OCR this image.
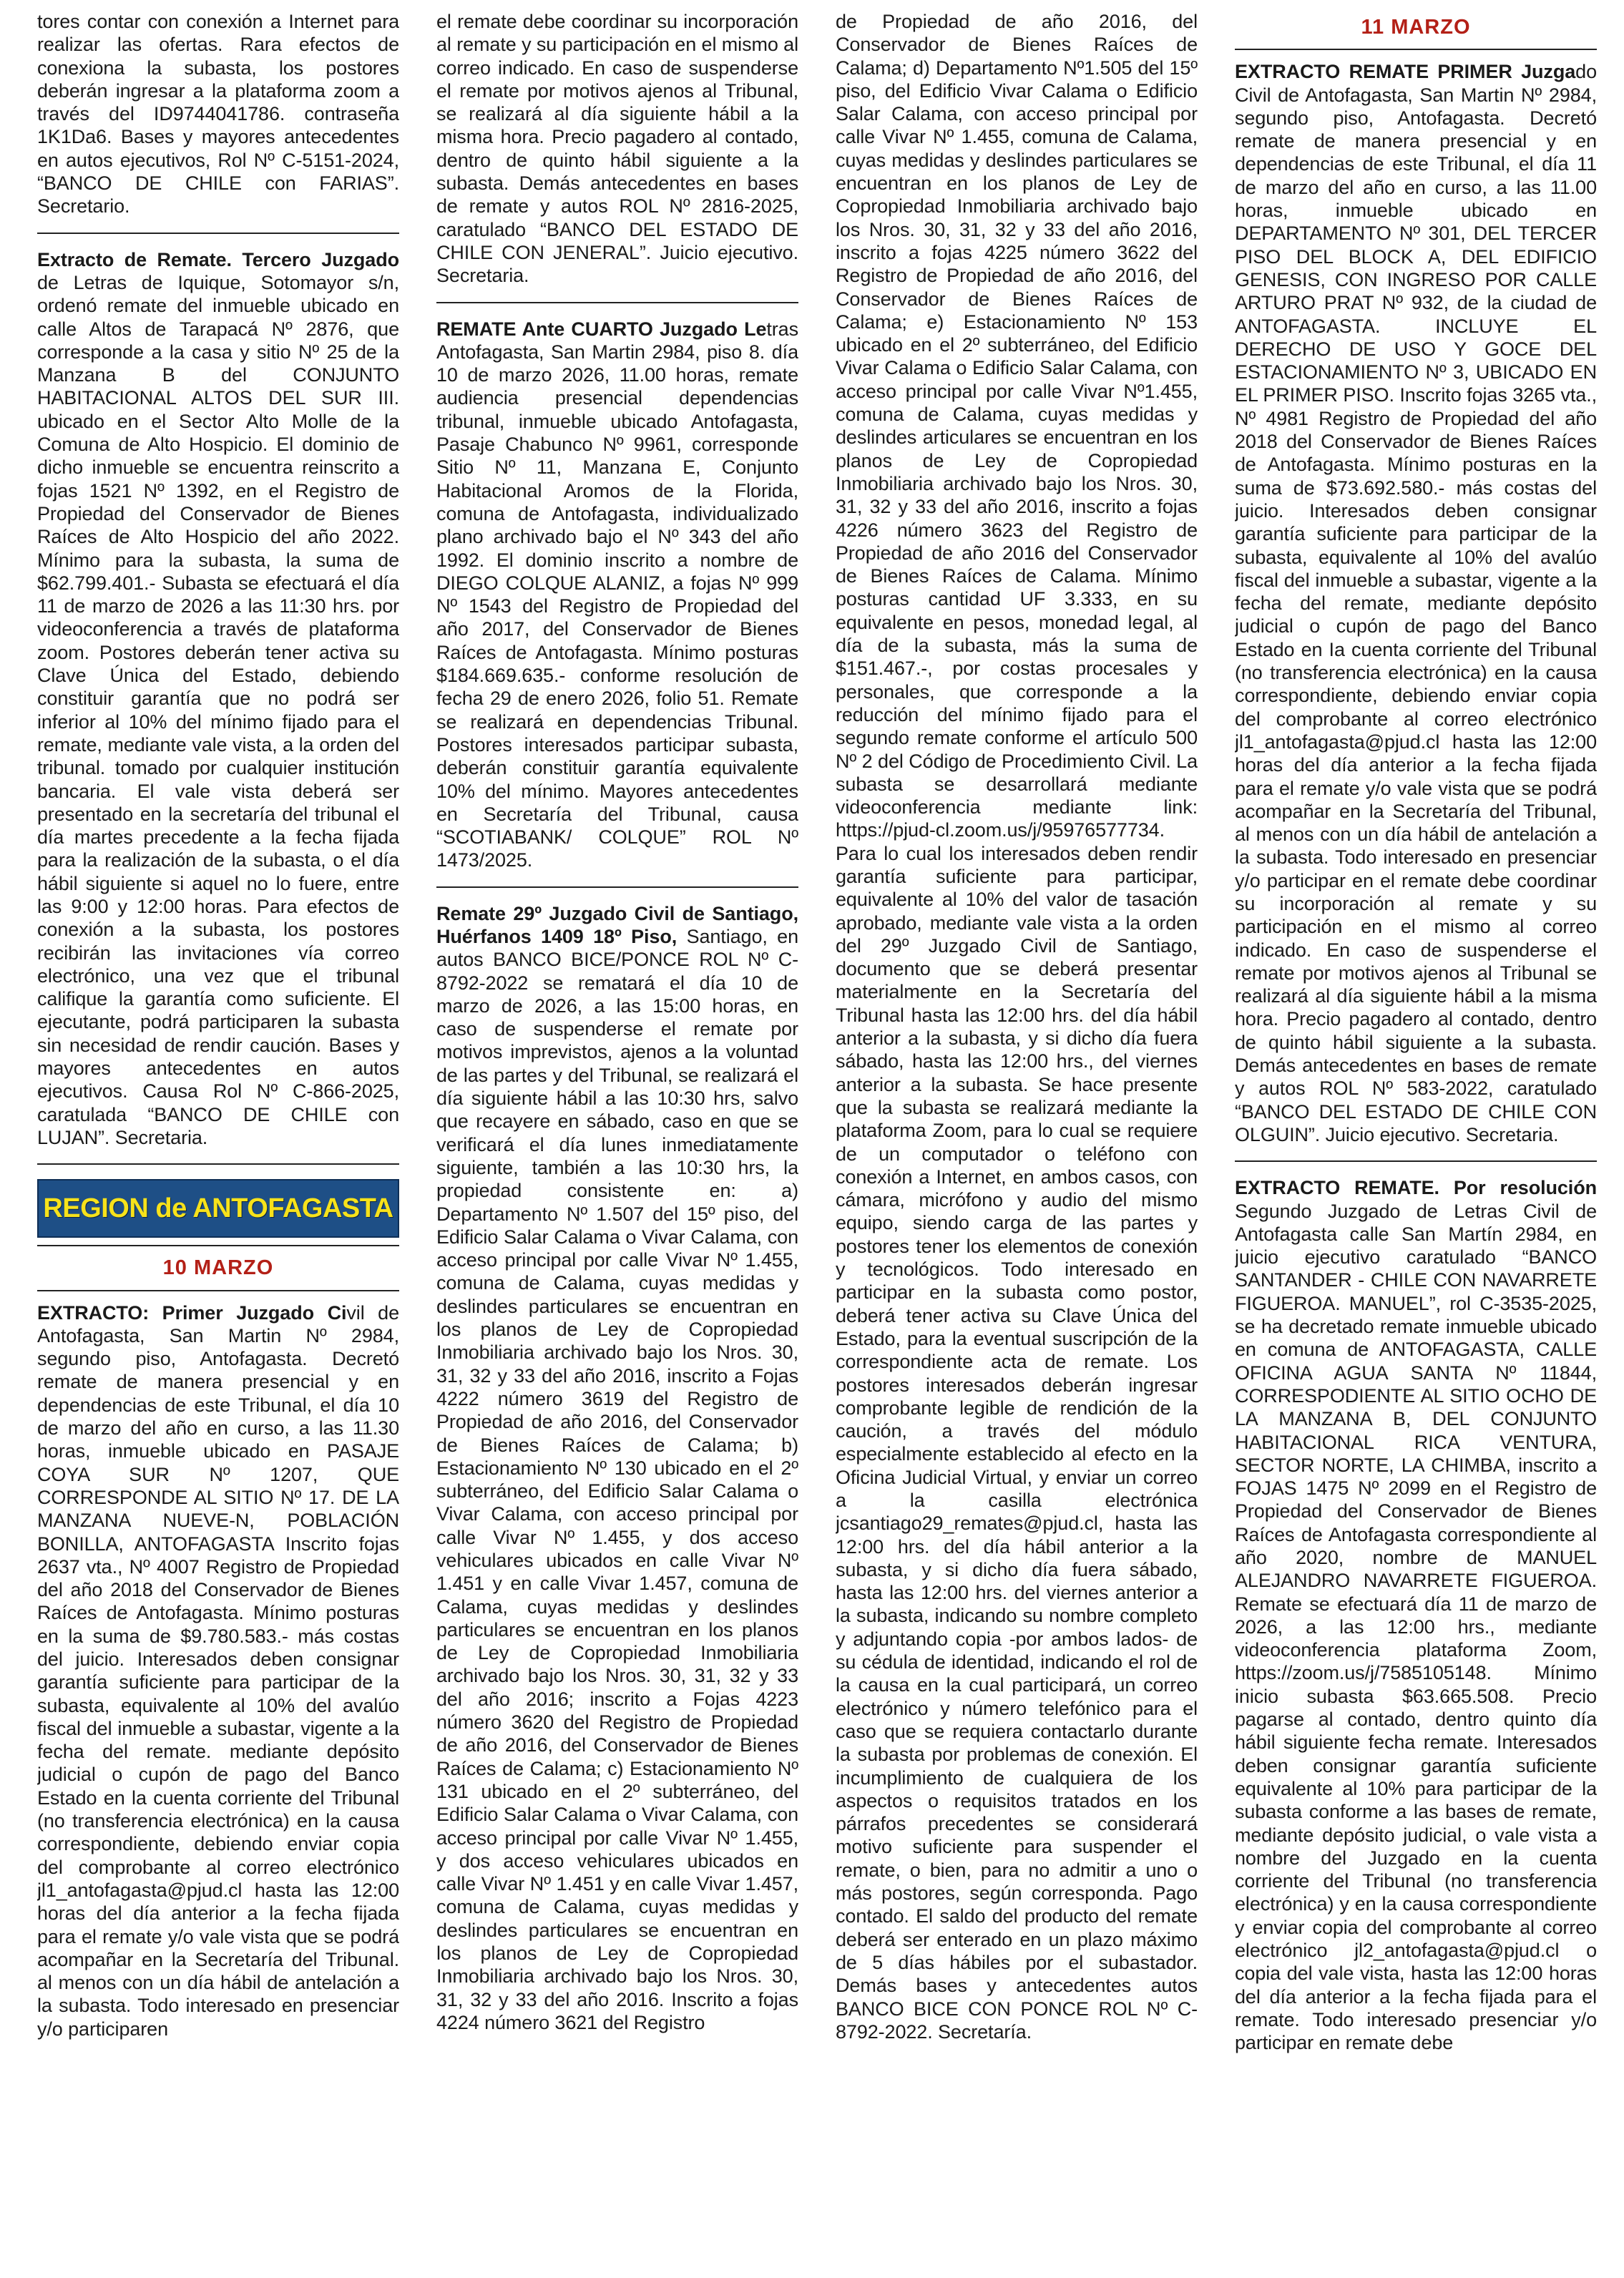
tores contar con conexión a Internet para realizar las ofertas. Rara efectos de conexiona la subasta, los postores deberán ingresar a la plataforma zoom a través del ID9744041786. contraseña 1K1Da6. Bases y mayores antecedentes en autos ejecutivos, Rol Nº C-5151-2024, “BANCO DE CHILE con FARIAS”. Secretario.

Extracto de Remate. Tercero Juzgado de Letras de Iquique, Sotomayor s/n, ordenó remate del inmueble ubicado en calle Altos de Tarapacá Nº 2876, que corresponde a la casa y sitio Nº 25 de la Manzana B del CONJUNTO HABITACIONAL ALTOS DEL SUR III. ubicado en el Sector Alto Molle de la Comuna de Alto Hospicio. El dominio de dicho inmueble se encuentra reinscrito a fojas 1521 Nº 1392, en el Registro de Propiedad del Conservador de Bienes Raíces de Alto Hospicio del año 2022. Mínimo para la subasta, la suma de $62.799.401.- Subasta se efectuará el día 11 de marzo de 2026 a las 11:30 hrs. por videoconferencia a través de plataforma zoom. Postores deberán tener activa su Clave Única del Estado, debiendo constituir garantía que no podrá ser inferior al 10% del mínimo fijado para el remate, mediante vale vista, a la orden del tribunal. tomado por cualquier institución bancaria. El vale vista deberá ser presentado en la secretaría del tribunal el día martes precedente a la fecha fijada para la realización de la subasta, o el día hábil siguiente si aquel no lo fuere, entre las 9:00 y 12:00 horas. Para efectos de conexión a la subasta, los postores recibirán las invitaciones vía correo electrónico, una vez que el tribunal califique la garantía como suficiente. El ejecutante, podrá participaren la subasta sin necesidad de rendir caución. Bases y mayores antecedentes en autos ejecutivos. Causa Rol Nº C-866-2025, caratulada “BANCO DE CHILE con LUJAN”. Secretaria.

REGION de ANTOFAGASTA
10 MARZO

EXTRACTO: Primer Juzgado Civil de Antofagasta, San Martin Nº 2984, segundo piso, Antofagasta. Decretó remate de manera presencial y en dependencias de este Tribunal, el día 10 de marzo del año en curso, a las 11.30 horas, inmueble ubicado en PASAJE COYA SUR Nº 1207, QUE CORRESPONDE AL SITIO Nº 17. DE LA MANZANA NUEVE-N, POBLACIÓN BONILLA, ANTOFAGASTA Inscrito fojas 2637 vta., Nº 4007 Registro de Propiedad del año 2018 del Conservador de Bienes Raíces de Antofagasta. Mínimo posturas en la suma de $9.780.583.- más costas del juicio. Interesados deben consignar garantía suficiente para participar de la subasta, equivalente al 10% del avalúo fiscal del inmueble a subastar, vigente a la fecha del remate. mediante depósito judicial o cupón de pago del Banco Estado en la cuenta corriente del Tribunal (no transferencia electrónica) en la causa correspondiente, debiendo enviar copia del comprobante al correo electrónico jl1_antofagasta@pjud.cl hasta las 12:00 horas del día anterior a la fecha fijada para el remate y/o vale vista que se podrá acompañar en la Secretaría del Tribunal. al menos con un día hábil de antelación a la subasta. Todo interesado en presenciar y/o participaren

el remate debe coordinar su incorporación al remate y su participación en el mismo al correo indicado. En caso de suspenderse el remate por motivos ajenos al Tribunal, se realizará al día siguiente hábil a la misma hora. Precio pagadero al contado, dentro de quinto hábil siguiente a la subasta. Demás antecedentes en bases de remate y autos ROL Nº 2816-2025, caratulado “BANCO DEL ESTADO DE CHILE CON JENERAL”. Juicio ejecutivo. Secretaria.

REMATE Ante CUARTO Juzgado Letras Antofagasta, San Martin 2984, piso 8. día 10 de marzo 2026, 11.00 horas, remate audiencia presencial dependencias tribunal, inmueble ubicado Antofagasta, Pasaje Chabunco Nº 9961, corresponde Sitio Nº 11, Manzana E, Conjunto Habitacional Aromos de la Florida, comuna de Antofagasta, individualizado plano archivado bajo el Nº 343 del año 1992. El dominio inscrito a nombre de DIEGO COLQUE ALANIZ, a fojas Nº 999 Nº 1543 del Registro de Propiedad del año 2017, del Conservador de Bienes Raíces de Antofagasta. Mínimo posturas $184.669.635.- conforme resolución de fecha 29 de enero 2026, folio 51. Remate se realizará en dependencias Tribunal. Postores interesados participar subasta, deberán constituir garantía equivalente 10% del mínimo. Mayores antecedentes en Secretaría del Tribunal, causa “SCOTIABANK/ COLQUE” ROL Nº 1473/2025.

Remate 29º Juzgado Civil de Santiago, Huérfanos 1409 18º Piso, Santiago, en autos BANCO BICE/PONCE ROL Nº C-8792-2022 se rematará el día 10 de marzo de 2026, a las 15:00 horas, en caso de suspenderse el remate por motivos imprevistos, ajenos a la voluntad de las partes y del Tribunal, se realizará el día siguiente hábil a las 10:30 hrs, salvo que recayere en sábado, caso en que se verificará el día lunes inmediatamente siguiente, también a las 10:30 hrs, la propiedad consistente en: a) Departamento Nº 1.507 del 15º piso, del Edificio Salar Calama o Vivar Calama, con acceso principal por calle Vivar Nº 1.455, comuna de Calama, cuyas medidas y deslindes particulares se encuentran en los planos de Ley de Copropiedad Inmobiliaria archivado bajo los Nros. 30, 31, 32 y 33 del año 2016, inscrito a Fojas 4222 número 3619 del Registro de Propiedad de año 2016, del Conservador de Bienes Raíces de Calama; b) Estacionamiento Nº 130 ubicado en el 2º subterráneo, del Edificio Salar Calama o Vivar Calama, con acceso principal por calle Vivar Nº 1.455, y dos acceso vehiculares ubicados en calle Vivar Nº 1.451 y en calle Vivar 1.457, comuna de Calama, cuyas medidas y deslindes particulares se encuentran en los planos de Ley de Copropiedad Inmobiliaria archivado bajo los Nros. 30, 31, 32 y 33 del año 2016; inscrito a Fojas 4223 número 3620 del Registro de Propiedad de año 2016, del Conservador de Bienes Raíces de Calama; c) Estacionamiento Nº 131 ubicado en el 2º subterráneo, del Edificio Salar Calama o Vivar Calama, con acceso principal por calle Vivar Nº 1.455, y dos acceso vehiculares ubicados en calle Vivar Nº 1.451 y en calle Vivar 1.457, comuna de Calama, cuyas medidas y deslindes particulares se encuentran en los planos de Ley de Copropiedad Inmobiliaria archivado bajo los Nros. 30, 31, 32 y 33 del año 2016. Inscrito a fojas 4224 número 3621 del Registro

de Propiedad de año 2016, del Conservador de Bienes Raíces de Calama; d) Departamento Nº1.505 del 15º piso, del Edificio Vivar Calama o Edificio Salar Calama, con acceso principal por calle Vivar Nº 1.455, comuna de Calama, cuyas medidas y deslindes particulares se encuentran en los planos de Ley de Copropiedad Inmobiliaria archivado bajo los Nros. 30, 31, 32 y 33 del año 2016, inscrito a fojas 4225 número 3622 del Registro de Propiedad de año 2016, del Conservador de Bienes Raíces de Calama; e) Estacionamiento Nº 153 ubicado en el 2º subterráneo, del Edificio Vivar Calama o Edificio Salar Calama, con acceso principal por calle Vivar Nº1.455, comuna de Calama, cuyas medidas y deslindes articulares se encuentran en los planos de Ley de Copropiedad Inmobiliaria archivado bajo los Nros. 30, 31, 32 y 33 del año 2016, inscrito a fojas 4226 número 3623 del Registro de Propiedad de año 2016 del Conservador de Bienes Raíces de Calama. Mínimo posturas cantidad UF 3.333, en su equivalente en pesos, monedad legal, al día de la subasta, más la suma de $151.467.-, por costas procesales y personales, que corresponde a la reducción del mínimo fijado para el segundo remate conforme el artículo 500 Nº 2 del Código de Procedimiento Civil. La subasta se desarrollará mediante videoconferencia mediante link: https://pjud-cl.zoom.us/j/95976577734. Para lo cual los interesados deben rendir garantía suficiente para participar, equivalente al 10% del valor de tasación aprobado, mediante vale vista a la orden del 29º Juzgado Civil de Santiago, documento que se deberá presentar materialmente en la Secretaría del Tribunal hasta las 12:00 hrs. del día hábil anterior a la subasta, y si dicho día fuera sábado, hasta las 12:00 hrs., del viernes anterior a la subasta. Se hace presente que la subasta se realizará mediante la plataforma Zoom, para lo cual se requiere de un computador o teléfono con conexión a Internet, en ambos casos, con cámara, micrófono y audio del mismo equipo, siendo carga de las partes y postores tener los elementos de conexión y tecnológicos. Todo interesado en participar en la subasta como postor, deberá tener activa su Clave Única del Estado, para la eventual suscripción de la correspondiente acta de remate. Los postores interesados deberán ingresar comprobante legible de rendición de la caución, a través del módulo especialmente establecido al efecto en la Oficina Judicial Virtual, y enviar un correo a la casilla electrónica jcsantiago29_remates@pjud.cl, hasta las 12:00 hrs. del día hábil anterior a la subasta, y si dicho día fuera sábado, hasta las 12:00 hrs. del viernes anterior a la subasta, indicando su nombre completo y adjuntando copia -por ambos lados- de su cédula de identidad, indicando el rol de la causa en la cual participará, un correo electrónico y número telefónico para el caso que se requiera contactarlo durante la subasta por problemas de conexión. El incumplimiento de cualquiera de los aspectos o requisitos tratados en los párrafos precedentes se considerará motivo suficiente para suspender el remate, o bien, para no admitir a uno o más postores, según corresponda. Pago contado. El saldo del producto del remate deberá ser enterado en un plazo máximo de 5 días hábiles por el subastador. Demás bases y antecedentes autos BANCO BICE CON PONCE ROL Nº C-8792-2022. Secretaría.

11 MARZO

EXTRACTO REMATE PRIMER Juzgado Civil de Antofagasta, San Martin Nº 2984, segundo piso, Antofagasta. Decretó remate de manera presencial y en dependencias de este Tribunal, el día 11 de marzo del año en curso, a las 11.00 horas, inmueble ubicado en DEPARTAMENTO Nº 301, DEL TERCER PISO DEL BLOCK A, DEL EDIFICIO GENESIS, CON INGRESO POR CALLE ARTURO PRAT Nº 932, de la ciudad de ANTOFAGASTA. INCLUYE EL DERECHO DE USO Y GOCE DEL ESTACIONAMIENTO Nº 3, UBICADO EN EL PRIMER PISO. Inscrito fojas 3265 vta., Nº 4981 Registro de Propiedad del año 2018 del Conservador de Bienes Raíces de Antofagasta. Mínimo posturas en la suma de $73.692.580.- más costas del juicio. Interesados deben consignar garantía suficiente para participar de la subasta, equivalente al 10% del avalúo fiscal del inmueble a subastar, vigente a la fecha del remate, mediante depósito judicial o cupón de pago del Banco Estado en Ia cuenta corriente del Tribunal (no transferencia electrónica) en la causa correspondiente, debiendo enviar copia del comprobante al correo electrónico jl1_antofagasta@pjud.cl hasta las 12:00 horas del día anterior a la fecha fijada para el remate y/o vale vista que se podrá acompañar en la Secretaría del Tribunal, al menos con un día hábil de antelación a la subasta. Todo interesado en presenciar y/o participar en el remate debe coordinar su incorporación al remate y su participación en el mismo al correo indicado. En caso de suspenderse el remate por motivos ajenos al Tribunal se realizará al día siguiente hábil a la misma hora. Precio pagadero al contado, dentro de quinto hábil siguiente a la subasta. Demás antecedentes en bases de remate y autos ROL Nº 583-2022, caratulado “BANCO DEL ESTADO DE CHILE CON OLGUIN”. Juicio ejecutivo. Secretaria.

EXTRACTO REMATE. Por resolución Segundo Juzgado de Letras Civil de Antofagasta calle San Martín 2984, en juicio ejecutivo caratulado “BANCO SANTANDER - CHILE CON NAVARRETE FIGUEROA. MANUEL”, rol C-3535-2025, se ha decretado remate inmueble ubicado en comuna de ANTOFAGASTA, CALLE OFICINA AGUA SANTA Nº 11844, CORRESPODIENTE AL SITIO OCHO DE LA MANZANA B, DEL CONJUNTO HABITACIONAL RICA VENTURA, SECTOR NORTE, LA CHIMBA, inscrito a FOJAS 1475 Nº 2099 en el Registro de Propiedad del Conservador de Bienes Raíces de Antofagasta correspondiente al año 2020, nombre de MANUEL ALEJANDRO NAVARRETE FIGUEROA. Remate se efectuará día 11 de marzo de 2026, a las 12:00 hrs., mediante videoconferencia plataforma Zoom, https://zoom.us/j/7585105148. Mínimo inicio subasta $63.665.508. Precio pagarse al contado, dentro quinto día hábil siguiente fecha remate. Interesados deben consignar garantía suficiente equivalente al 10% para participar de la subasta conforme a las bases de remate, mediante depósito judicial, o vale vista a nombre del Juzgado en la cuenta corriente del Tribunal (no transferencia electrónica) y en la causa correspondiente y enviar copia del comprobante al correo electrónico jl2_antofagasta@pjud.cl o copia del vale vista, hasta las 12:00 horas del día anterior a la fecha fijada para el remate. Todo interesado presenciar y/o participar en remate debe
